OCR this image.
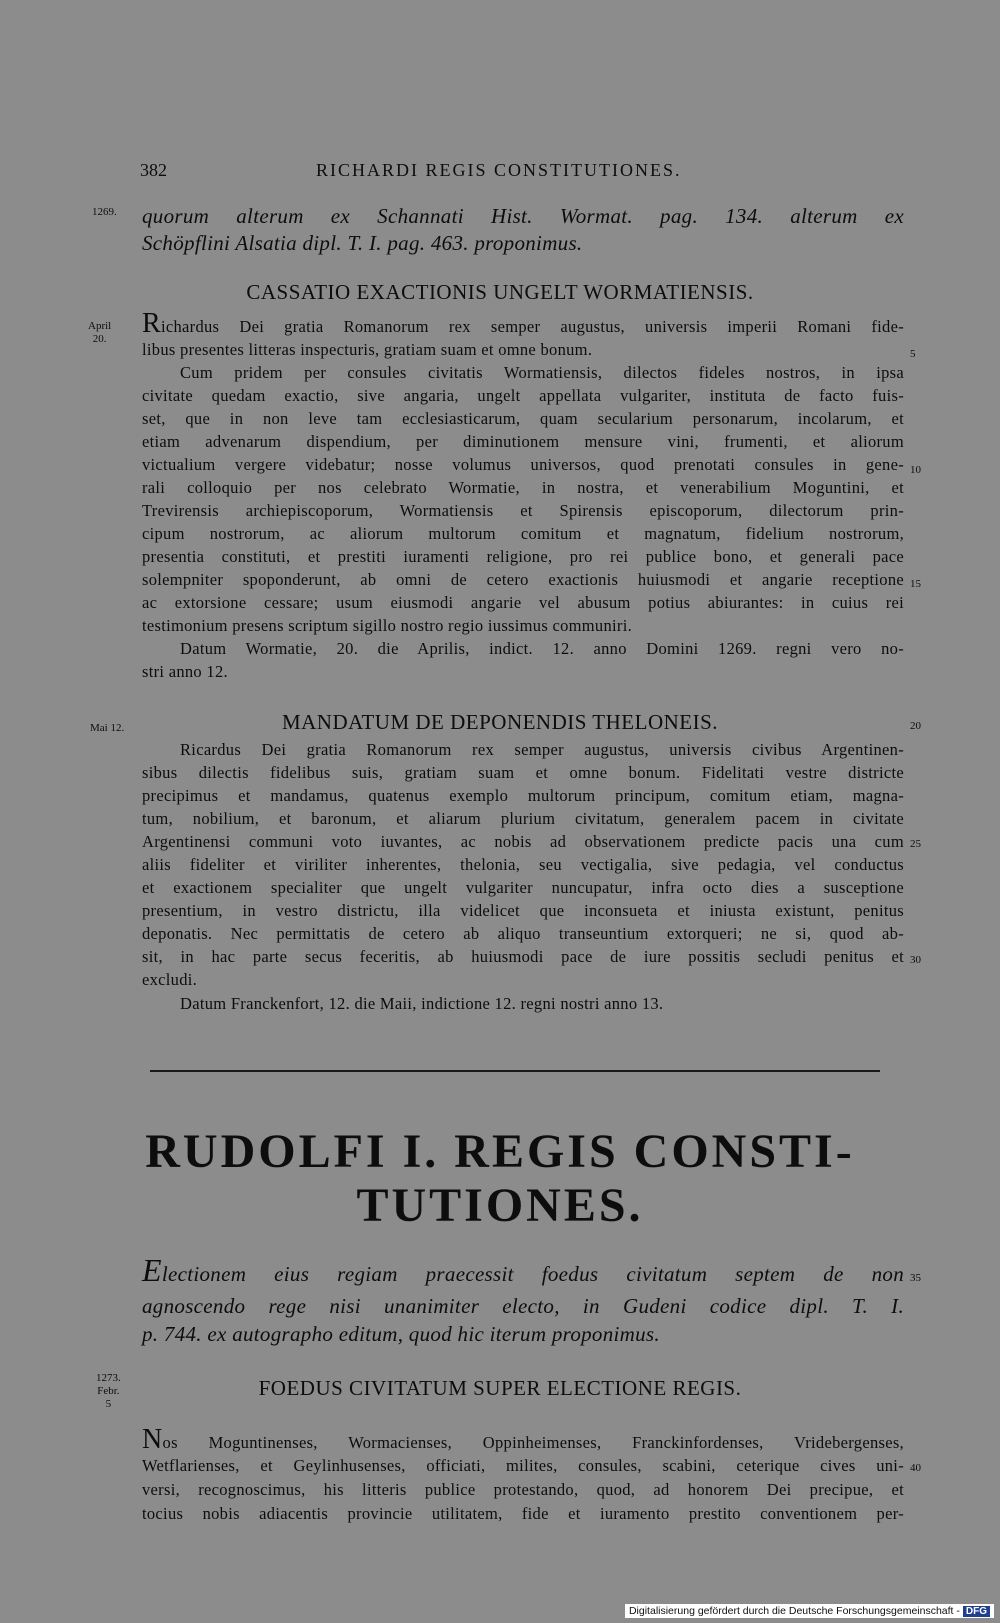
382	RICHARDI REGIS CONSTITUTIONES.
1269. quorum alterum ex Schannati Hist. Wormat. pag. 134. alterum ex
Schöpflini Alsatia dipl. T. I. pag. 463. proponimus.
CASSATIO EXACTIONIS UNGELT WORMATIENSIS.
April
20. Richardus Dei gratia Romanorum rex semper augustus, universis imperii Romani fide-
libus presentes litteras inspecturis, gratiam suam et omne bonum.
Cum pridem per consules civitatis Wormatiensis, dilectos fideles nostros, in ipsa
civitate quedam exactio, sive angaria, ungelt appellata vulgariter, instituta de facto fuis-
set, que in non leve tam ecclesiasticarum, quam secularium personarum, incolarum, et
etiam advenarum dispendium, per diminutionem mensure vini, frumenti, et aliorum
victualium vergere videbatur; nosse volumus universos, quod prenotati consules in gene-
rali colloquio per nos celebrato Wormatie, in nostra, et venerabilium Moguntini, et
Trevirensis archiepiscoporum, Wormatiensis et Spirensis episcoporum, dilectorum prin-
cipum nostrorum, ac aliorum multorum comitum et magnatum, fidelium nostrorum,
presentia constituti, et prestiti iuramenti religione, pro rei publice bono, et generali pace
solempniter spoponderunt, ab omni de cetero exactionis huiusmodi et angarie receptione
ac extorsione cessare; usum eiusmodi angarie vel abusum potius abiurantes: in cuius rei
testimonium presens scriptum sigillo nostro regio iussimus communiri.
Datum Wormatie, 20. die Aprilis, indict. 12. anno Domini 1269. regni vero no-
stri anno 12.
5
10
15
Mai 12.	MANDATUM DE DEPONENDIS THELONEIS.	20
Ricardus Dei gratia Romanorum rex semper augustus, universis civibus Argentinen-
sibus dilectis fidelibus suis, gratiam suam et omne bonum. Fidelitati vestre districte
precipimus et mandamus, quatenus exemplo multorum principum, comitum etiam, magna-
tum, nobilium, et baronum, et aliarum plurium civitatum, generalem pacem in civitate
Argentinensi communi voto iuvantes, ac nobis ad observationem predicte pacis una cum
aliis fideliter et viriliter inherentes, thelonia, seu vectigalia, sive pedagia, vel conductus
et exactionem specialiter que ungelt vulgariter nuncupatur, infra octo dies a susceptione
presentium, in vestro districtu, illa videlicet que inconsueta et iniusta existunt, penitus
deponatis. Nec permittatis de cetero ab aliquo transeuntium extorqueri; ne si, quod ab-
sit, in hac parte secus feceritis, ab huiusmodi pace de iure possitis secludi penitus et
excludi.
Datum Franckenfort, 12. die Maii, indictione 12. regni nostri anno 13.
25
30
RUDOLFI I. REGIS CONSTI-
TUTIONES.
Electionem eius regiam praecessit foedus civitatum septem de non
agnoscendo rege nisi unanimiter electo, in Gudeni codice dipl. T. I.
p. 744. ex autographo editum, quod hic iterum proponimus.
35
1273.
Febr.
5
FOEDUS CIVITATUM SUPER ELECTIONE REGIS.
Nos Moguntinenses, Wormacienses, Oppinheimenses, Franckinfordenses, Vridebergenses,
Wetflarienses, et Geylinhusenses, officiati, milites, consules, scabini, ceterique cives uni-
versi, recognoscimus, his litteris publice protestando, quod, ad honorem Dei precipue, et
tocius nobis adiacentis provincie utilitatem, fide et iuramento prestito conventionem per-
40
Digitalisierung gefördert durch die Deutsche Forschungsgemeinschaft - DFG
